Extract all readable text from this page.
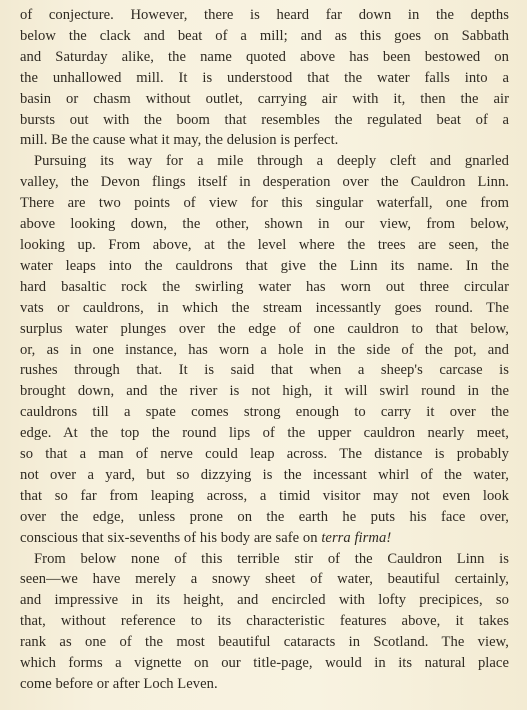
of conjecture. However, there is heard far down in the depths
below the clack and beat of a mill; and as this goes on Sabbath
and Saturday alike, the name quoted above has been bestowed on
the unhallowed mill. It is understood that the water falls into a
basin or chasm without outlet, carrying air with it, then the air
bursts out with the boom that resembles the regulated beat of a
mill. Be the cause what it may, the delusion is perfect.
Pursuing its way for a mile through a deeply cleft and gnarled
valley, the Devon flings itself in desperation over the Cauldron Linn.
There are two points of view for this singular waterfall, one from
above looking down, the other, shown in our view, from below,
looking up. From above, at the level where the trees are seen, the
water leaps into the cauldrons that give the Linn its name. In the
hard basaltic rock the swirling water has worn out three circular
vats or cauldrons, in which the stream incessantly goes round. The
surplus water plunges over the edge of one cauldron to that below,
or, as in one instance, has worn a hole in the side of the pot, and
rushes through that. It is said that when a sheep's carcase is
brought down, and the river is not high, it will swirl round in the
cauldrons till a spate comes strong enough to carry it over the
edge. At the top the round lips of the upper cauldron nearly meet,
so that a man of nerve could leap across. The distance is probably
not over a yard, but so dizzying is the incessant whirl of the water,
that so far from leaping across, a timid visitor may not even look
over the edge, unless prone on the earth he puts his face over,
conscious that six-sevenths of his body are safe on terra firma!
From below none of this terrible stir of the Cauldron Linn is
seen—we have merely a snowy sheet of water, beautiful certainly,
and impressive in its height, and encircled with lofty precipices, so
that, without reference to its characteristic features above, it takes
rank as one of the most beautiful cataracts in Scotland. The view,
which forms a vignette on our title-page, would in its natural place
come before or after Loch Leven.
